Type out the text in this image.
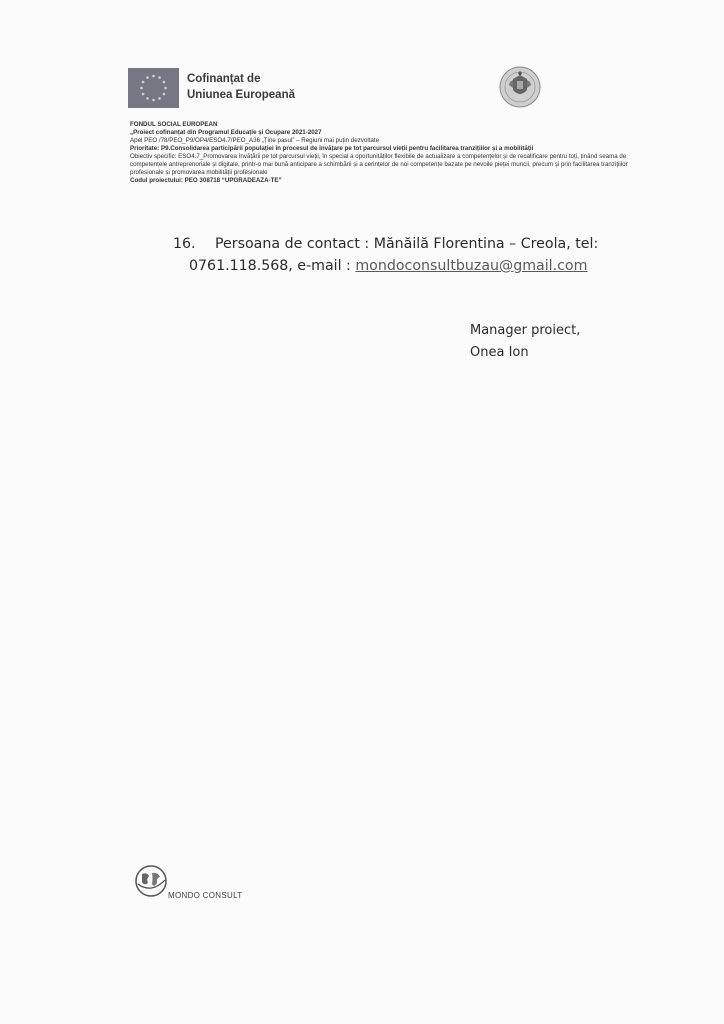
Cofinanțat de
Uniunea Europeană
FONDUL SOCIAL EUROPEAN
„Proiect cofinanțat din Programul Educație și Ocupare 2021-2027
Apel PEO /78/PEO_P9/OP4/ESO4.7/PEO_A36 „Ține pasul” – Regiuni mai puțin dezvoltate
Prioritate: P9.Consolidarea participării populației în procesul de învățare pe tot parcursul vieții pentru facilitarea tranzițiilor și a mobilității
Obiectiv specific: ESO4.7_Promovarea învățării pe tot parcursul vieții, în special a oportunităților flexibile de actualizare a competențelor și de recalificare pentru toți, ținând seama de competențele antreprenoriale și digitale, printr-o mai bună anticipare a schimbării și a cerințelor de noi competențe bazate pe nevoile pieței muncii, precum și prin facilitarea tranzițiilor profesionale și promovarea mobilității profesionale
Codul proiectului: PEO 308718 “UPGRADEAZĂ-TE”
16. Persoana de contact : Mănăilă Florentina – Creola, tel:
0761.118.568, e-mail : mondoconsultbuzau@gmail.com
Manager proiect,
Onea Ion
MONDO CONSULT
